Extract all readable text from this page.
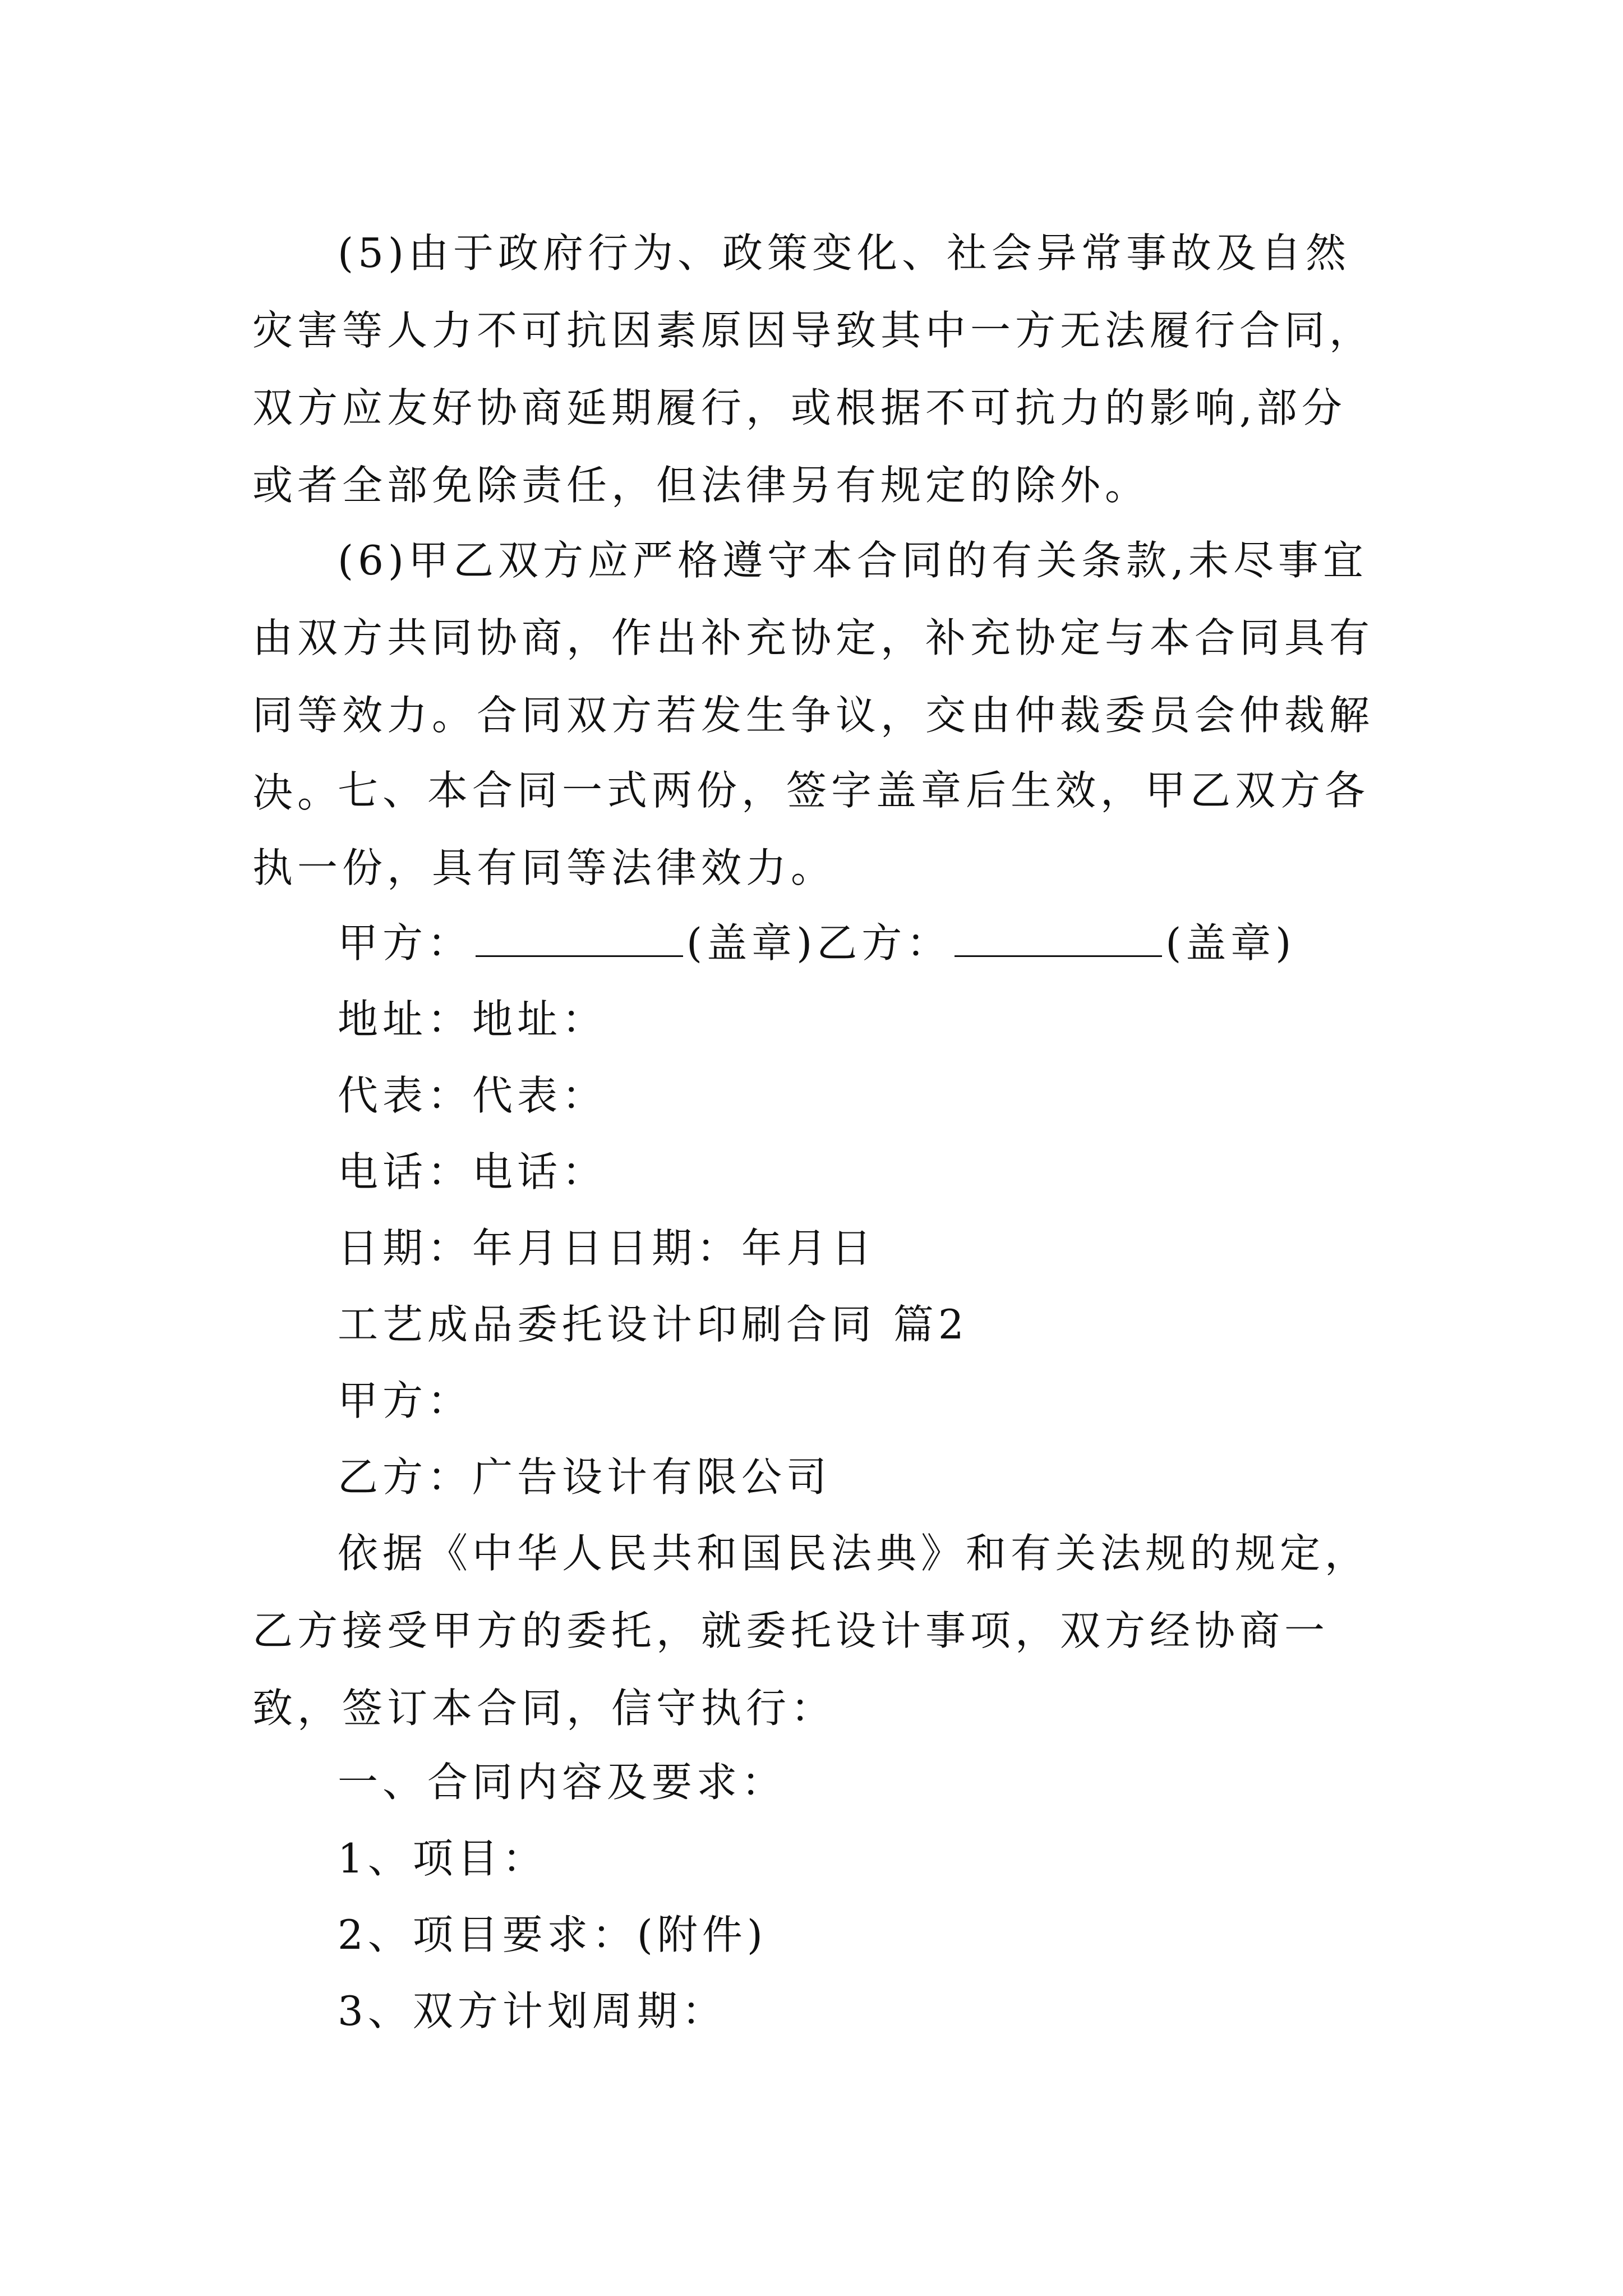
(5)由于政府行为、政策变化、社会异常事故及自然灾害等人力不可抗因素原因导致其中一方无法履行合同，双方应友好协商延期履行，或根据不可抗力的影响,部分或者全部免除责任，但法律另有规定的除外。

(6)甲乙双方应严格遵守本合同的有关条款,未尽事宜由双方共同协商，作出补充协定，补充协定与本合同具有同等效力。合同双方若发生争议，交由仲裁委员会仲裁解决。

七、本合同一式两份，签字盖章后生效，甲乙双方各执一份，具有同等法律效力。

甲方：	(盖章)乙方：	(盖章)
地址：地址：
代表：代表：
电话：电话：
日期：年月日日期：年月日
工艺成品委托设计印刷合同 篇2
甲方：
乙方：广告设计有限公司

依据《中华人民共和国民法典》和有关法规的规定，乙方接受甲方的委托，就委托设计事项，双方经协商一致，签订本合同，信守执行：

一、合同内容及要求：
1、项目：
2、项目要求：(附件)
3、双方计划周期：
